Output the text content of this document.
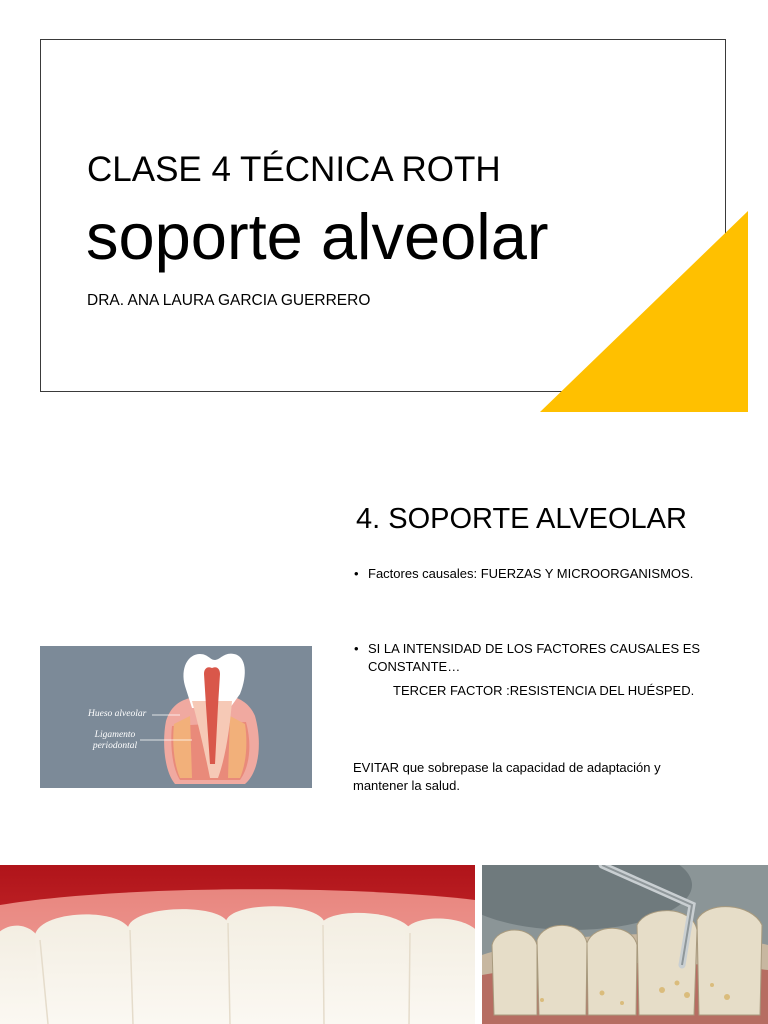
CLASE 4 TÉCNICA ROTH
soporte alveolar
DRA. ANA LAURA GARCIA GUERRERO
4. SOPORTE ALVEOLAR
• Factores causales: FUERZAS Y MICROORGANISMOS.
• SI LA INTENSIDAD DE LOS FACTORES CAUSALES ES CONSTANTE…
TERCER FACTOR :RESISTENCIA DEL HUÉSPED.
EVITAR que sobrepase la capacidad de adaptación y mantener la salud.
Hueso alveolar
Ligamento periodontal
